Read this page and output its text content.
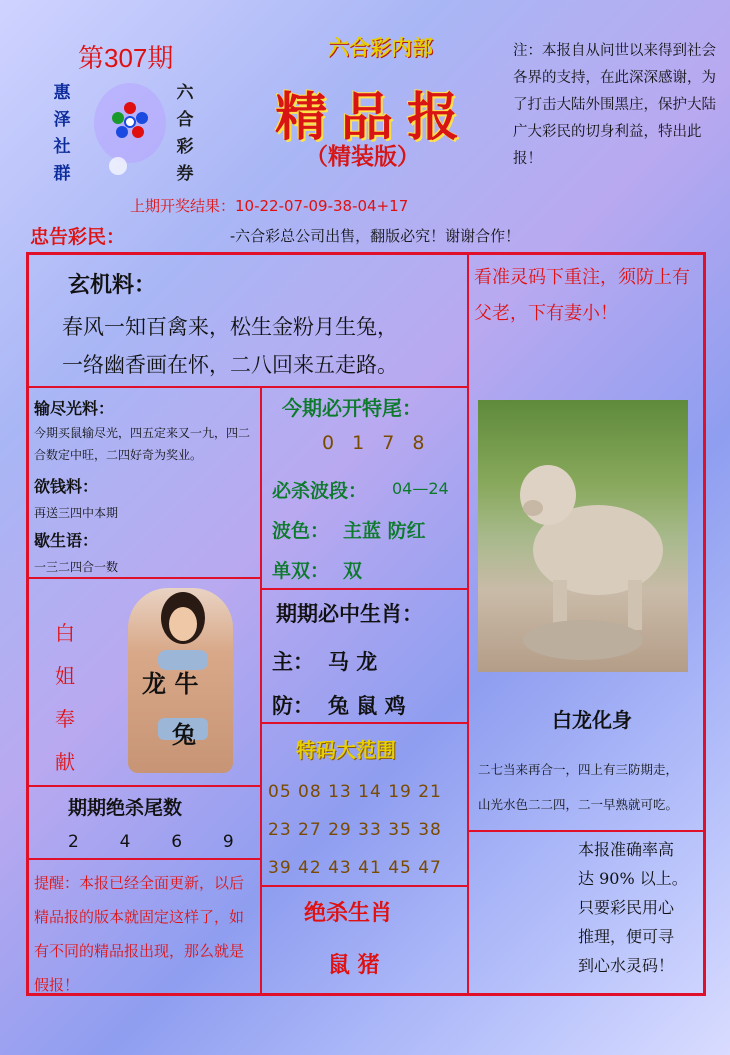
第307期
惠
泽
社
群
六
合
彩
券
六合彩内部
精品报
（精装版）
注：本报自从问世以来得到社会各界的支持，在此深深感谢，为了打击大陆外围黑庄，保护大陆广大彩民的切身利益，特出此报！
上期开奖结果：10-22-07-09-38-04+17
忠告彩民：	-六合彩总公司出售，翻版必究！谢谢合作！
玄机料：
春风一知百禽来，松生金粉月生兔，
一络幽香画在怀，二八回来五走路。
看准灵码下重注，须防上有父老，下有妻小！
输尽光料：
今期买鼠输尽光，四五定来又一九，四二合数定中旺，二四好奇为奖业。
欲钱料：
再送三四中本期
歇生语：
一三二四合一数
今期必开特尾：
0 1 7 8
必杀波段： 04—24
波色： 主蓝 防红
单双： 双
白
姐
奉
献
龙 牛
兔
期期必中生肖：
主： 马 龙
防： 兔 鼠 鸡
白龙化身
二七当来再合一，四上有三防期走，
山光水色二二四，二一早熟就可吃。
期期绝杀尾数
2  4  6  9
特码大范围
05 08 13 14 19 21
23 27 29 33 35 38
39 42 43 41 45 47
本报准确率高
达 90% 以上。
只要彩民用心
推理，便可寻
到心水灵码！
提醒：本报已经全面更新，以后精品报的版本就固定这样了，如有不同的精品报出现，那么就是假报！
绝杀生肖
鼠 猪
